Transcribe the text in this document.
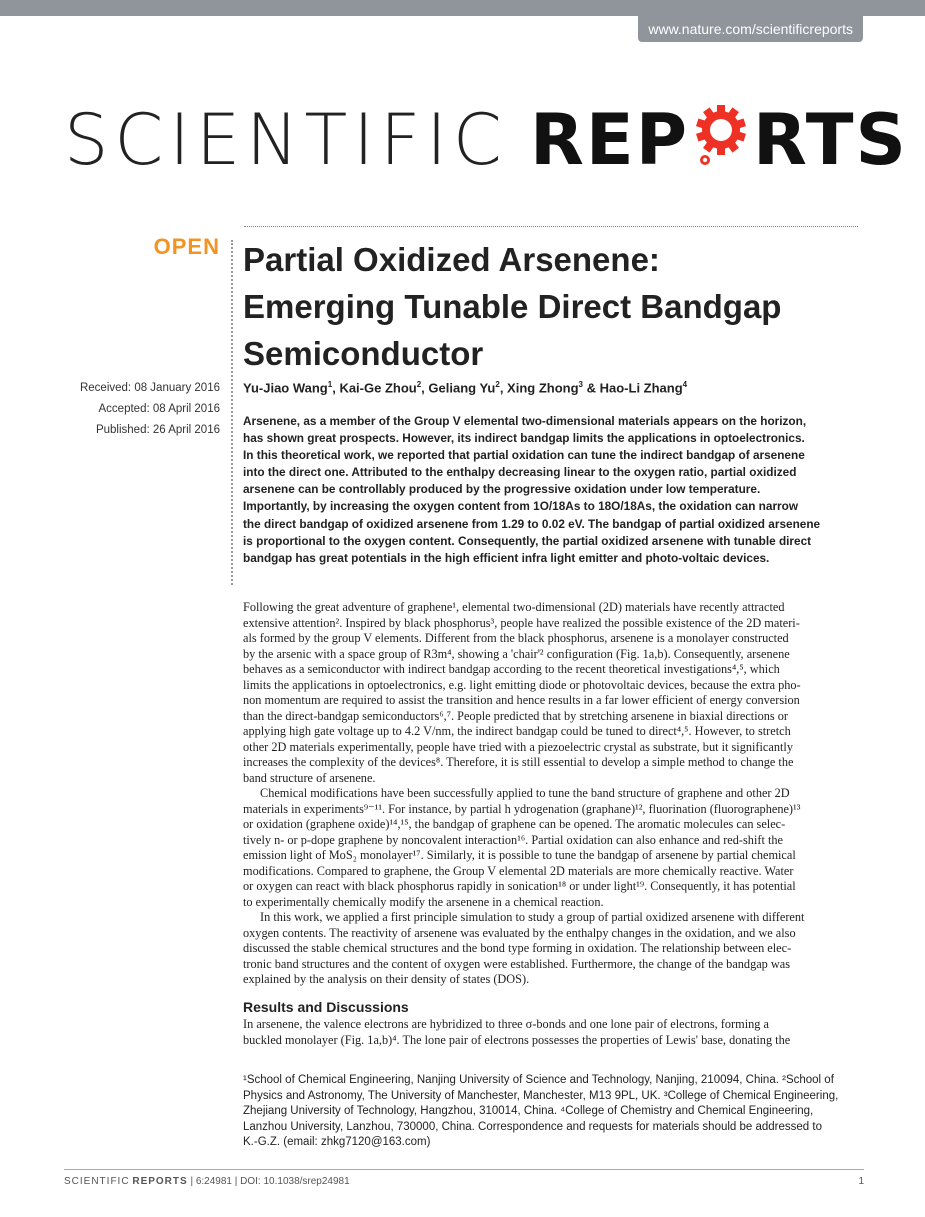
www.nature.com/scientificreports
SCIENTIFIC REP RTS
OPEN
Received: 08 January 2016
Accepted: 08 April 2016
Published: 26 April 2016
Partial Oxidized Arsenene:
Emerging Tunable Direct Bandgap
Semiconductor
Yu-Jiao Wang$^1$, Kai-Ge Zhou$^2$, Geliang Yu$^2$, Xing Zhong$^3$ & Hao-Li Zhang$^4$
Arsenene, as a member of the Group V elemental two-dimensional materials appears on the horizon,
has shown great prospects. However, its indirect bandgap limits the applications in optoelectronics.
In this theoretical work, we reported that partial oxidation can tune the indirect bandgap of arsenene
into the direct one. Attributed to the enthalpy decreasing linear to the oxygen ratio, partial oxidized
arsenene can be controllably produced by the progressive oxidation under low temperature.
Importantly, by increasing the oxygen content from 1O/18As to 18O/18As, the oxidation can narrow
the direct bandgap of oxidized arsenene from 1.29 to 0.02 eV. The bandgap of partial oxidized arsenene
is proportional to the oxygen content. Consequently, the partial oxidized arsenene with tunable direct
bandgap has great potentials in the high efficient infra light emitter and photo-voltaic devices.
Following the great adventure of graphene¹, elemental two-dimensional (2D) materials have recently attracted
extensive attention². Inspired by black phosphorus³, people have realized the possible existence of the 2D materi-
als formed by the group V elements. Different from the black phosphorus, arsenene is a monolayer constructed
by the arsenic with a space group of R3m⁴, showing a 'chair'² configuration (Fig. 1a,b). Consequently, arsenene
behaves as a semiconductor with indirect bandgap according to the recent theoretical investigations⁴,⁵, which
limits the applications in optoelectronics, e.g. light emitting diode or photovoltaic devices, because the extra pho-
non momentum are required to assist the transition and hence results in a far lower efficient of energy conversion
than the direct-bandgap semiconductors⁶,⁷. People predicted that by stretching arsenene in biaxial directions or
applying high gate voltage up to 4.2 V/nm, the indirect bandgap could be tuned to direct⁴,⁵. However, to stretch
other 2D materials experimentally, people have tried with a piezoelectric crystal as substrate, but it significantly
increases the complexity of the devices⁸. Therefore, it is still essential to develop a simple method to change the
band structure of arsenene.
Chemical modifications have been successfully applied to tune the band structure of graphene and other 2D
materials in experiments⁹⁻¹¹. For instance, by partial h ydrogenation (graphane)¹², fluorination (fluorographene)¹³
or oxidation (graphene oxide)¹⁴,¹⁵, the bandgap of graphene can be opened. The aromatic molecules can selec-
tively n- or p-dope graphene by noncovalent interaction¹⁶. Partial oxidation can also enhance and red-shift the
emission light of MoS₂ monolayer¹⁷. Similarly, it is possible to tune the bandgap of arsenene by partial chemical
modifications. Compared to graphene, the Group V elemental 2D materials are more chemically reactive. Water
or oxygen can react with black phosphorus rapidly in sonication¹⁸ or under light¹⁹. Consequently, it has potential
to experimentally chemically modify the arsenene in a chemical reaction.
In this work, we applied a first principle simulation to study a group of partial oxidized arsenene with different
oxygen contents. The reactivity of arsenene was evaluated by the enthalpy changes in the oxidation, and we also
discussed the stable chemical structures and the bond type forming in oxidation. The relationship between elec-
tronic band structures and the content of oxygen were established. Furthermore, the change of the bandgap was
explained by the analysis on their density of states (DOS).
Results and Discussions
In arsenene, the valence electrons are hybridized to three σ-bonds and one lone pair of electrons, forming a
buckled monolayer (Fig. 1a,b)⁴. The lone pair of electrons possesses the properties of Lewis' base, donating the
¹School of Chemical Engineering, Nanjing University of Science and Technology, Nanjing, 210094, China. ²School of
Physics and Astronomy, The University of Manchester, Manchester, M13 9PL, UK. ³College of Chemical Engineering,
Zhejiang University of Technology, Hangzhou, 310014, China. ⁴College of Chemistry and Chemical Engineering,
Lanzhou University, Lanzhou, 730000, China. Correspondence and requests for materials should be addressed to
K.-G.Z. (email: zhkg7120@163.com)
SCIENTIFIC REPORTS | 6:24981 | DOI: 10.1038/srep24981	1
